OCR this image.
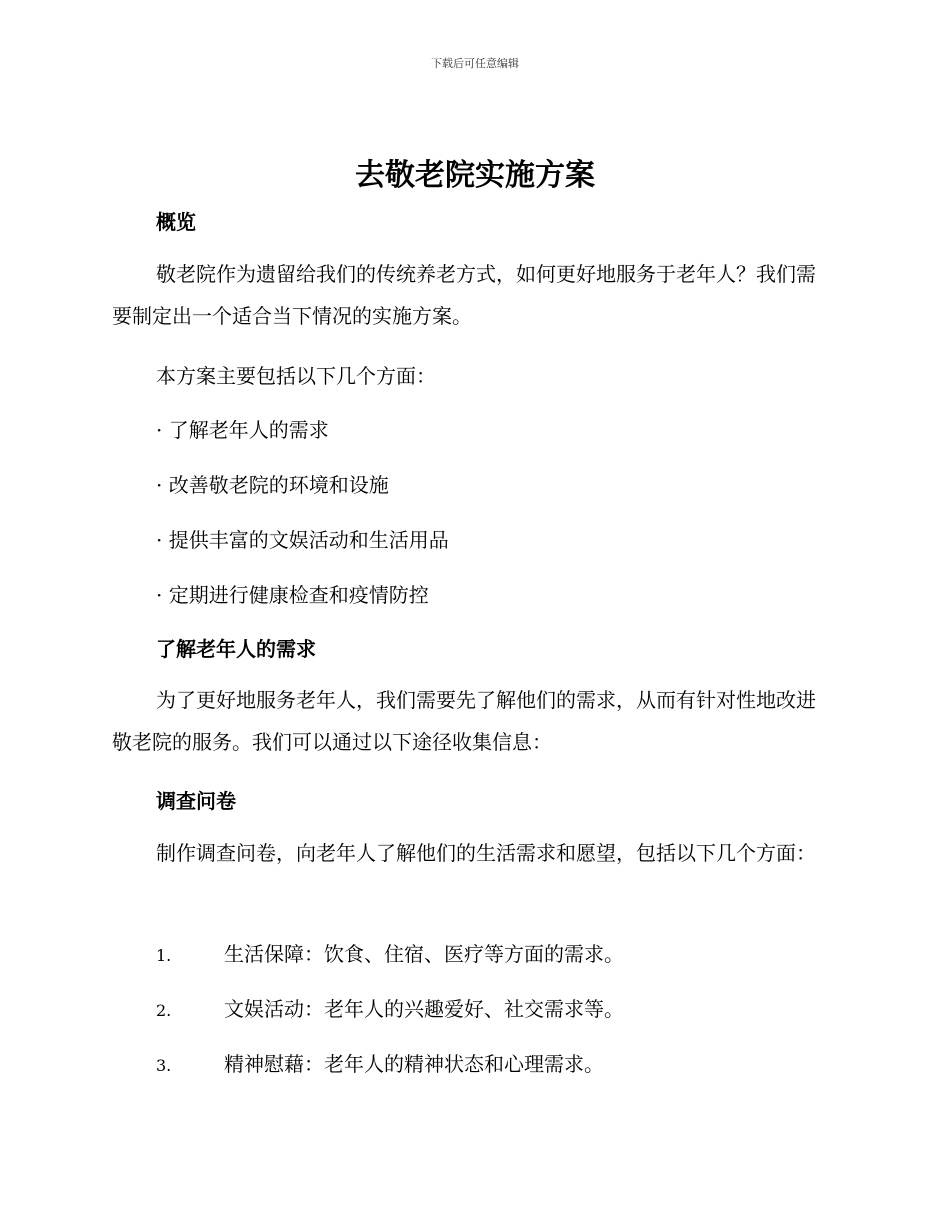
下载后可任意编辑
去敬老院实施方案
概览

敬老院作为遗留给我们的传统养老方式，如何更好地服务于老年人？我们需要制定出一个适合当下情况的实施方案。

本方案主要包括以下几个方面：

· 了解老年人的需求

· 改善敬老院的环境和设施

· 提供丰富的文娱活动和生活用品

· 定期进行健康检查和疫情防控

了解老年人的需求

为了更好地服务老年人，我们需要先了解他们的需求，从而有针对性地改进敬老院的服务。我们可以通过以下途径收集信息：

调查问卷

制作调查问卷，向老年人了解他们的生活需求和愿望，包括以下几个方面：

1.	生活保障：饮食、住宿、医疗等方面的需求。
2.	文娱活动：老年人的兴趣爱好、社交需求等。
3.	精神慰藉：老年人的精神状态和心理需求。
